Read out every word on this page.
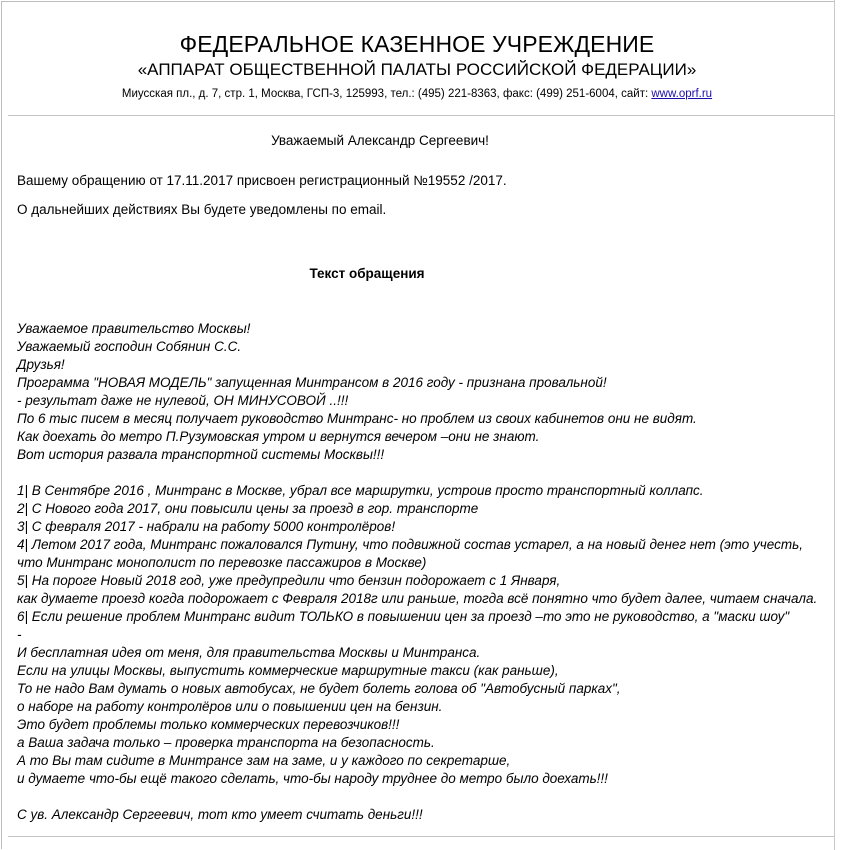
ФЕДЕРАЛЬНОЕ КАЗЕННОЕ УЧРЕЖДЕНИЕ
«АППАРАТ ОБЩЕСТВЕННОЙ ПАЛАТЫ РОССИЙСКОЙ ФЕДЕРАЦИИ»
Миусская пл., д. 7, стр. 1, Москва, ГСП-3, 125993, тел.: (495) 221-8363, факс: (499) 251-6004, сайт: www.oprf.ru
Уважаемый Александр Сергеевич!
Вашему обращению от 17.11.2017 присвоен регистрационный №19552 /2017.
О дальнейших действиях Вы будете уведомлены по email.
Текст обращения
Уважаемое правительство Москвы!
Уважаемый господин Собянин С.С.
Друзья!
Программа "НОВАЯ МОДЕЛЬ" запущенная Минтрансом в 2016 году - признана провальной!
- результат даже не нулевой, ОН МИНУСОВОЙ ..!!!
По 6 тыс писем в месяц получает руководство Минтранс- но проблем из своих кабинетов они не видят.
Как доехать до метро П.Рузумовская утром и вернутся вечером –они не знают.
Вот история развала транспортной системы Москвы!!!
1| В Сентябре 2016 , Минтранс в Москве, убрал все маршрутки, устроив просто транспортный коллапс.
2| С Нового года 2017, они повысили цены за проезд в гор. транспорте
3| С февраля 2017 - набрали на работу 5000 контролёров!
4| Летом 2017 года, Минтранс пожаловался Путину, что подвижной состав устарел, а на новый денег нет (это учесть,
что Минтранс монополист по перевозке пассажиров в Москве)
5| На пороге Новый 2018 год, уже предупредили что бензин подорожает с 1 Января,
как думаете проезд когда подорожает с Февраля 2018г или раньше, тогда всё понятно что будет далее, читаем сначала.
6| Если решение проблем Минтранс видит ТОЛЬКО в повышении цен за проезд –то это не руководство, а "маски шоу"
-
И бесплатная идея от меня, для правительства Москвы и Минтранса.
Если на улицы Москвы, выпустить коммерческие маршрутные такси (как раньше),
То не надо Вам думать о новых автобусах, не будет болеть голова об "Автобусный парках",
о наборе на работу контролёров или о повышении цен на бензин.
Это будет проблемы только коммерческих перевозчиков!!!
а Ваша задача только – проверка транспорта на безопасность.
А то Вы там сидите в Минтрансе зам на заме, и у каждого по секретарше,
и думаете что-бы ещё такого сделать, что-бы народу труднее до метро было доехать!!!
С ув. Александр Сергеевич, тот кто умеет считать деньги!!!
